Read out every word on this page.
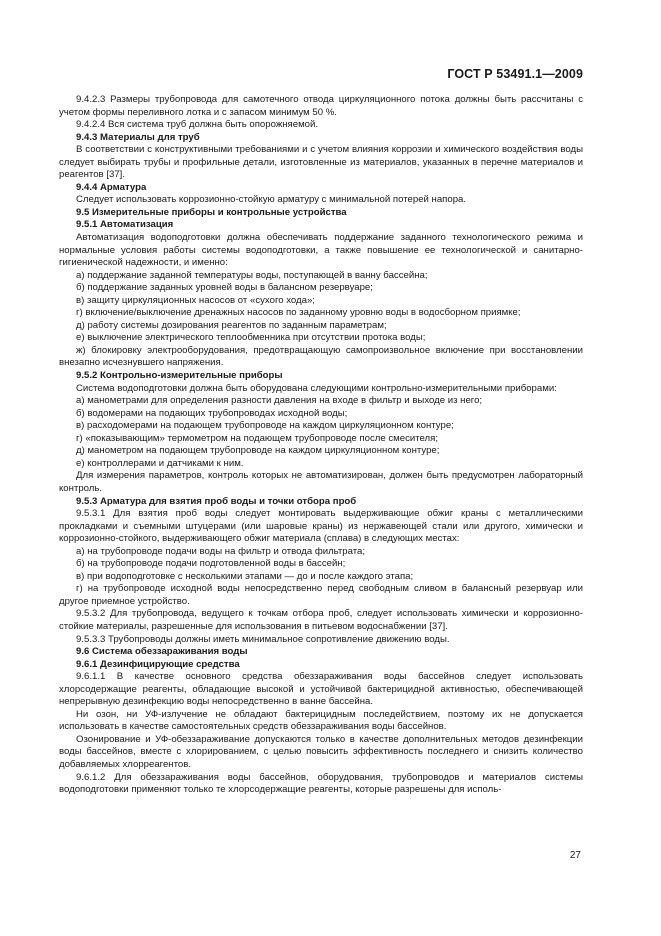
ГОСТ Р 53491.1—2009

9.4.2.3 Размеры трубопровода для самотечного отвода циркуляционного потока должны быть рассчитаны с учетом формы переливного лотка и с запасом минимум 50 %.

9.4.2.4 Вся система труб должна быть опорожняемой.

9.4.3 Материалы для труб

В соответствии с конструктивными требованиями и с учетом влияния коррозии и химического воздействия воды следует выбирать трубы и профильные детали, изготовленные из материалов, указанных в перечне материалов и реагентов [37].

9.4.4 Арматура

Следует использовать коррозионно-стойкую арматуру с минимальной потерей напора.

9.5 Измерительные приборы и контрольные устройства

9.5.1 Автоматизация

Автоматизация водоподготовки должна обеспечивать поддержание заданного технологического режима и нормальные условия работы системы водоподготовки, а также повышение ее технологической и санитарно-гигиенической надежности, и именно:

а) поддержание заданной температуры воды, поступающей в ванну бассейна;

б) поддержание заданных уровней воды в балансном резервуаре;

в) защиту циркуляционных насосов от «сухого хода»;

г) включение/выключение дренажных насосов по заданному уровню воды в водосборном приямке;

д) работу системы дозирования реагентов по заданным параметрам;

е) выключение электрического теплообменника при отсутствии протока воды;

ж) блокировку электрооборудования, предотвращающую самопроизвольное включение при восстановлении внезапно исчезнувшего напряжения.

9.5.2 Контрольно-измерительные приборы

Система водоподготовки должна быть оборудована следующими контрольно-измерительными приборами:

а) манометрами для определения разности давления на входе в фильтр и выходе из него;

б) водомерами на подающих трубопроводах исходной воды;

в) расходомерами на подающем трубопроводе на каждом циркуляционном контуре;

г) «показывающим» термометром на подающем трубопроводе после смесителя;

д) манометром на подающем трубопроводе на каждом циркуляционном контуре;

е) контроллерами и датчиками к ним.

Для измерения параметров, контроль которых не автоматизирован, должен быть предусмотрен лабораторный контроль.

9.5.3 Арматура для взятия проб воды и точки отбора проб

9.5.3.1 Для взятия проб воды следует монтировать выдерживающие обжиг краны с металлическими прокладками и съемными штуцерами (или шаровые краны) из нержавеющей стали или другого, химически и коррозионно-стойкого, выдерживающего обжиг материала (сплава) в следующих местах:

а) на трубопроводе подачи воды на фильтр и отвода фильтрата;

б) на трубопроводе подачи подготовленной воды в бассейн;

в) при водоподготовке с несколькими этапами — до и после каждого этапа;

г) на трубопроводе исходной воды непосредственно перед свободным сливом в балансный резервуар или другое приемное устройство.

9.5.3.2 Для трубопровода, ведущего к точкам отбора проб, следует использовать химически и коррозионно-стойкие материалы, разрешенные для использования в питьевом водоснабжении [37].

9.5.3.3 Трубопроводы должны иметь минимальное сопротивление движению воды.

9.6 Система обеззараживания воды

9.6.1 Дезинфицирующие средства

9.6.1.1 В качестве основного средства обеззараживания воды бассейнов следует использовать хлорсодержащие реагенты, обладающие высокой и устойчивой бактерицидной активностью, обеспечивающей непрерывную дезинфекцию воды непосредственно в ванне бассейна.

Ни озон, ни УФ-излучение не обладают бактерицидным последействием, поэтому их не допускается использовать в качестве самостоятельных средств обеззараживания воды бассейнов.

Озонирование и УФ-обеззараживание допускаются только в качестве дополнительных методов дезинфекции воды бассейнов, вместе с хлорированием, с целью повысить эффективность последнего и снизить количество добавляемых хлорреагентов.

9.6.1.2 Для обеззараживания воды бассейнов, оборудования, трубопроводов и материалов системы водоподготовки применяют только те хлорсодержащие реагенты, которые разрешены для исполь-

27
